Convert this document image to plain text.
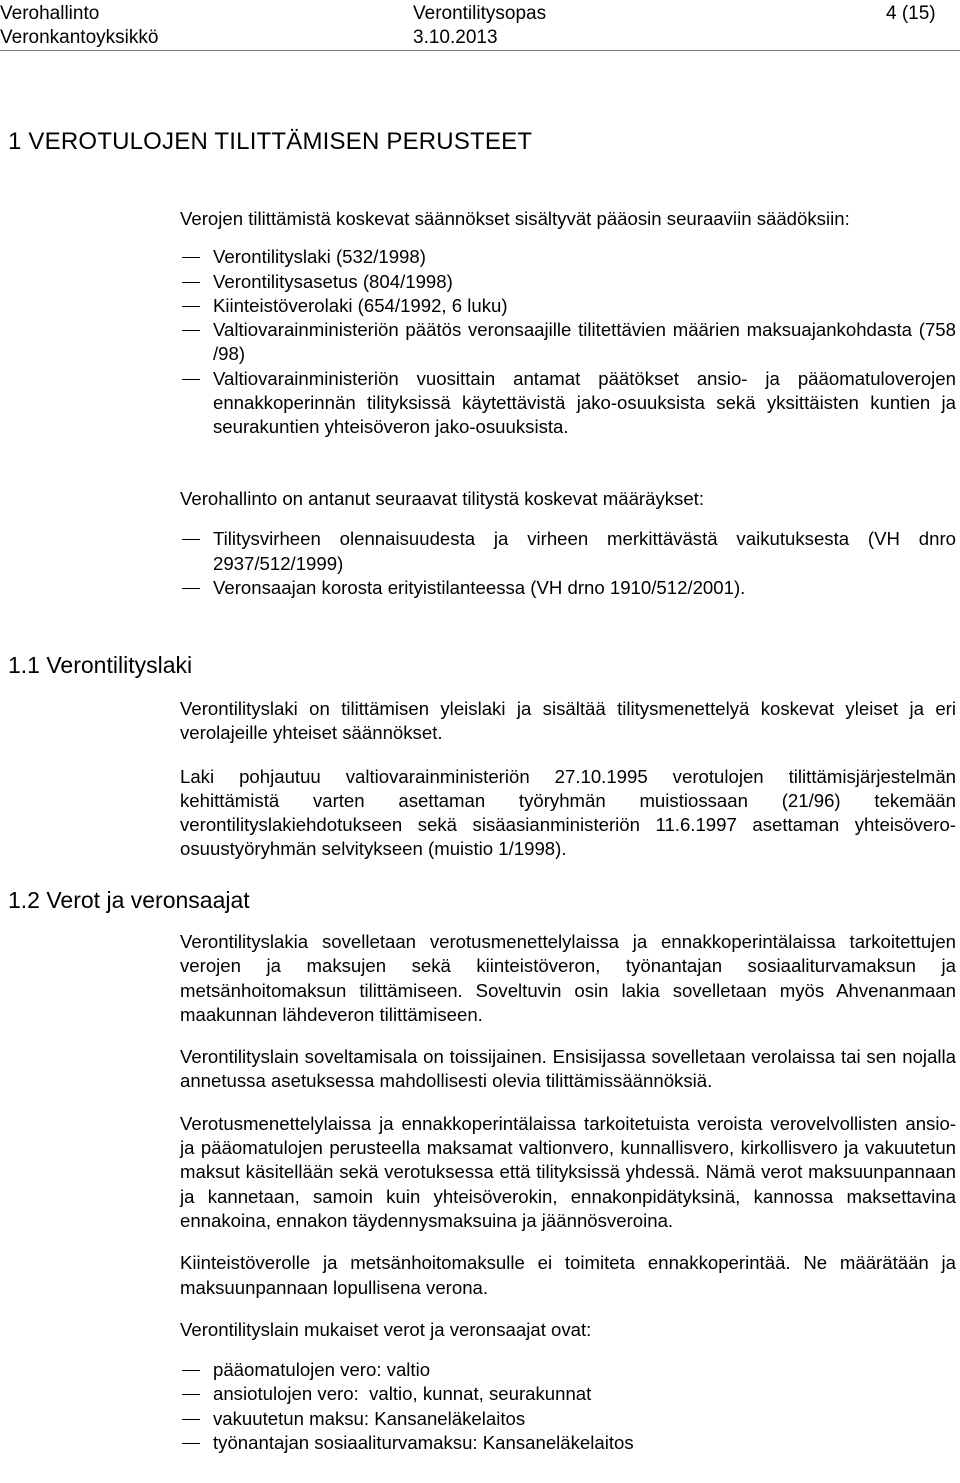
Verohallinto
Veronkantoyksikkö
Verontilitysopas
3.10.2013
4 (15)
1 VEROTULOJEN TILITTÄMISEN PERUSTEET

Verojen tilittämistä koskevat säännökset sisältyvät pääosin seuraaviin säädöksiin:

Verontilityslaki (532/1998)
Verontilitysasetus (804/1998)
Kiinteistöverolaki (654/1992, 6 luku)
Valtiovarainministeriön päätös veronsaajille tilitettävien määrien maksuajankohdasta (758 /98)
Valtiovarainministeriön vuosittain antamat päätökset ansio- ja pääomatuloverojen ennakkoperinnän tilityksissä käytettävistä jako-osuuksista sekä yksittäisten kuntien ja seurakuntien yhteisöveron jako-osuuksista.

Verohallinto on antanut seuraavat tilitystä koskevat määräykset:

Tilitysvirheen olennaisuudesta ja virheen merkittävästä vaikutuksesta (VH dnro 2937/512/1999)
Veronsaajan korosta erityistilanteessa (VH drno 1910/512/2001).
1.1 Verontilityslaki

Verontilityslaki on tilittämisen yleislaki ja sisältää tilitysmenettelyä koskevat yleiset ja eri verolajeille yhteiset säännökset.

Laki pohjautuu valtiovarainministeriön 27.10.1995 verotulojen tilittämisjärjestelmän kehittämistä varten asettaman työryhmän muistiossaan (21/96) tekemään verontilityslakiehdotukseen sekä sisäasianministeriön 11.6.1997 asettaman yhteisövero-osuustyöryhmän selvitykseen (muistio 1/1998).

1.2 Verot ja veronsaajat

Verontilityslakia sovelletaan verotusmenettelylaissa ja ennakkoperintälaissa tarkoitettujen verojen ja maksujen sekä kiinteistöveron, työnantajan sosiaaliturvamaksun ja metsänhoitomaksun tilittämiseen. Soveltuvin osin lakia sovelletaan myös Ahvenanmaan maakunnan lähdeveron tilittämiseen.

Verontilityslain soveltamisala on toissijainen. Ensisijassa sovelletaan verolaissa tai sen nojalla annetussa asetuksessa mahdollisesti olevia tilittämissäännöksiä.

Verotusmenettelylaissa ja ennakkoperintälaissa tarkoitetuista veroista verovelvollisten ansio- ja pääomatulojen perusteella maksamat valtionvero, kunnallisvero, kirkollisvero ja vakuutetun maksut käsitellään sekä verotuksessa että tilityksissä yhdessä. Nämä verot maksuunpannaan ja kannetaan, samoin kuin yhteisöverokin, ennakonpidätyksinä, kannossa maksettavina ennakoina, ennakon täydennysmaksuina ja jäännösveroina.

Kiinteistöverolle ja metsänhoitomaksulle ei toimiteta ennakkoperintää. Ne määrätään ja maksuunpannaan lopullisena verona.

Verontilityslain mukaiset verot ja veronsaajat ovat:

pääomatulojen vero: valtio
ansiotulojen vero:  valtio, kunnat, seurakunnat
vakuutetun maksu: Kansaneläkelaitos
työnantajan sosiaaliturvamaksu: Kansaneläkelaitos
